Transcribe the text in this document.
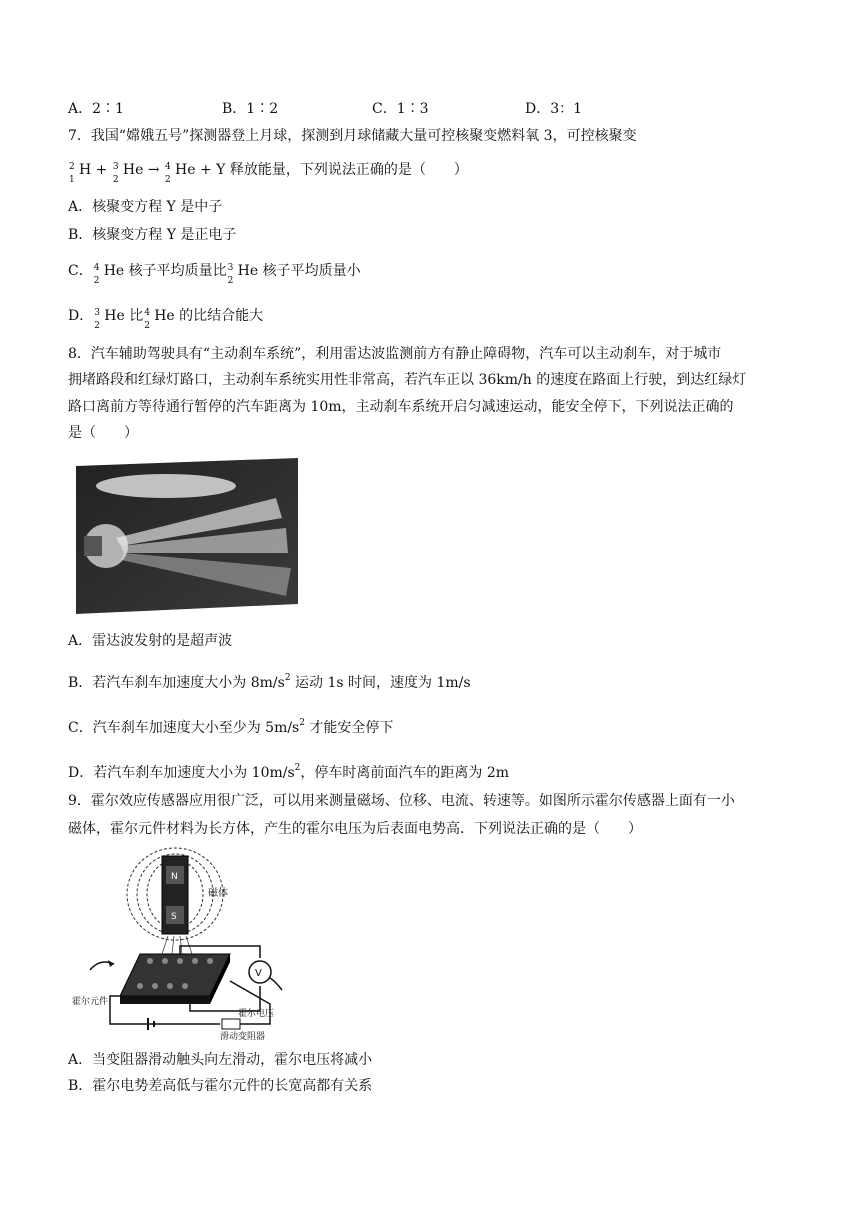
A．2∶1	B．1∶2	C．1∶3	D．3：1
7．我国“嫦娥五号”探测器登上月球，探测到月球储藏大量可控核聚变燃料氧 3，可控核聚变
2
1
H + 3
2
He → 4
2
He + Y 释放能量，下列说法正确的是（　　）
A．核聚变方程 Y 是中子
B．核聚变方程 Y 是正电子
C． 4
2
He 核子平均质量比 3
2
He 核子平均质量小
D． 3
2
He 比 4
2
He 的比结合能大
8．汽车辅助驾驶具有“主动刹车系统”，利用雷达波监测前方有静止障碍物，汽车可以主动刹车，对于城市
拥堵路段和红绿灯路口，主动刹车系统实用性非常高，若汽车正以 36km/h 的速度在路面上行驶，到达红绿灯
路口离前方等待通行暂停的汽车距离为 10m，主动刹车系统开启匀减速运动，能安全停下，下列说法正确的
是（　　）
A．雷达波发射的是超声波
B．若汽车刹车加速度大小为 $8m/s^2$ 运动 1s 时间，速度为 1m/s
C．汽车刹车加速度大小至少为 $5m/s^2$ 才能安全停下
D．若汽车刹车加速度大小为 $10m/s^2$，停车时离前面汽车的距离为 2m
9．霍尔效应传感器应用很广泛，可以用来测量磁场、位移、电流、转速等。如图所示霍尔传感器上面有一小
磁体，霍尔元件材料为长方体，产生的霍尔电压为后表面电势高．下列说法正确的是（　　）
N
S
磁体
V
霍尔元件
霍尔电压
滑动变阻器
A．当变阻器滑动触头向左滑动，霍尔电压将减小
B．霍尔电势差高低与霍尔元件的长宽高都有关系
